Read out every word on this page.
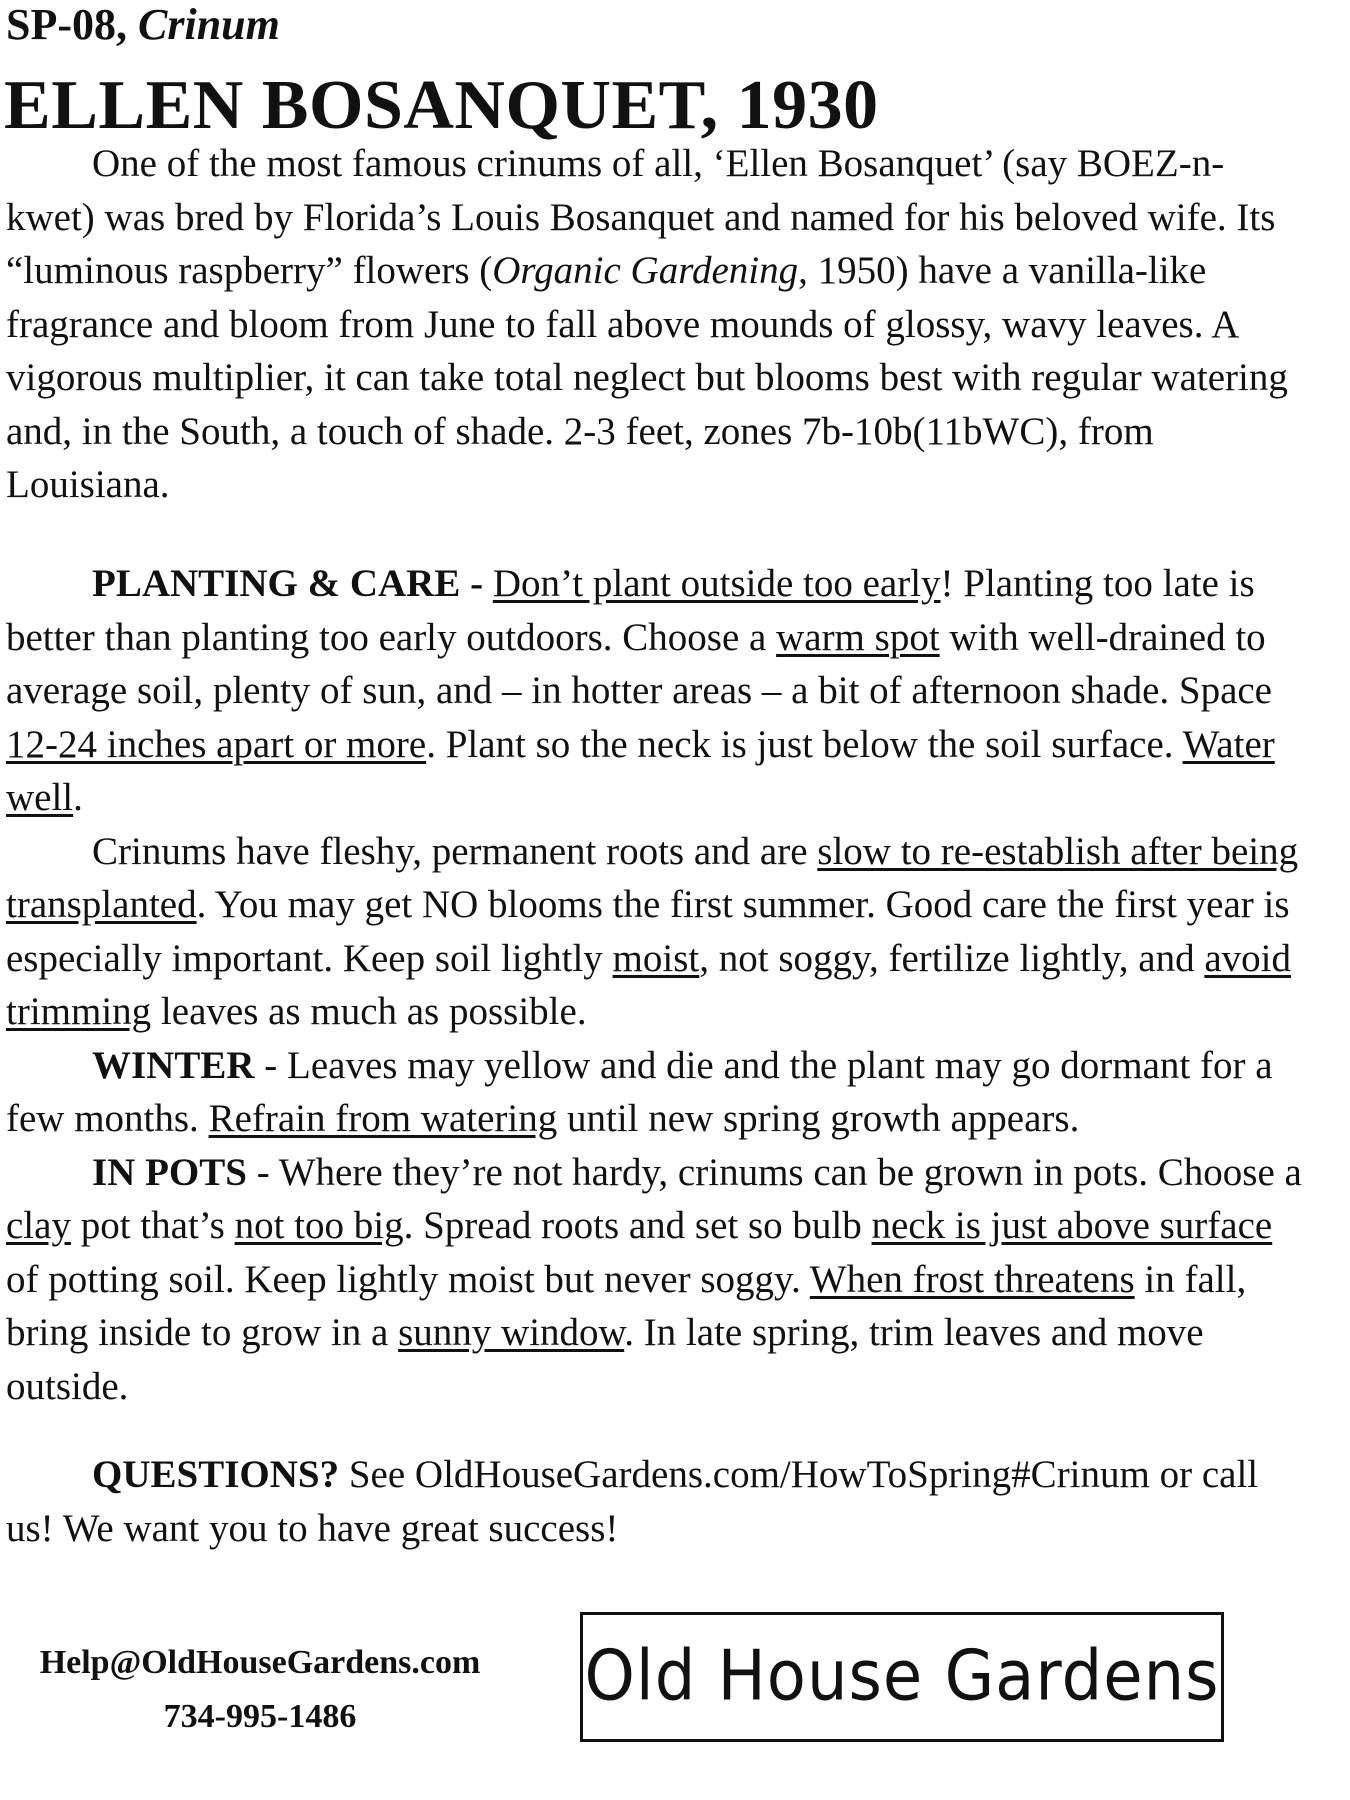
SP-08, Crinum
ELLEN BOSANQUET, 1930

One of the most famous crinums of all, ‘Ellen Bosanquet’ (say BOEZ-n-kwet) was bred by Florida’s Louis Bosanquet and named for his beloved wife. Its “luminous raspberry” flowers (Organic Gardening, 1950) have a vanilla-like fragrance and bloom from June to fall above mounds of glossy, wavy leaves. A vigorous multiplier, it can take total neglect but blooms best with regular watering and, in the South, a touch of shade. 2-3 feet, zones 7b-10b(11bWC), from Louisiana.

PLANTING & CARE - Don’t plant outside too early! Planting too late is better than planting too early outdoors. Choose a warm spot with well-drained to average soil, plenty of sun, and – in hotter areas – a bit of afternoon shade. Space 12-24 inches apart or more. Plant so the neck is just below the soil surface. Water well.

Crinums have fleshy, permanent roots and are slow to re-establish after being transplanted. You may get NO blooms the first summer. Good care the first year is especially important. Keep soil lightly moist, not soggy, fertilize lightly, and avoid trimming leaves as much as possible.

WINTER - Leaves may yellow and die and the plant may go dormant for a few months. Refrain from watering until new spring growth appears.

IN POTS - Where they’re not hardy, crinums can be grown in pots. Choose a clay pot that’s not too big. Spread roots and set so bulb neck is just above surface of potting soil. Keep lightly moist but never soggy. When frost threatens in fall, bring inside to grow in a sunny window. In late spring, trim leaves and move outside.

QUESTIONS? See OldHouseGardens.com/HowToSpring#Crinum or call us! We want you to have great success!

Help@OldHouseGardens.com
734-995-1486	Old House Gardens
